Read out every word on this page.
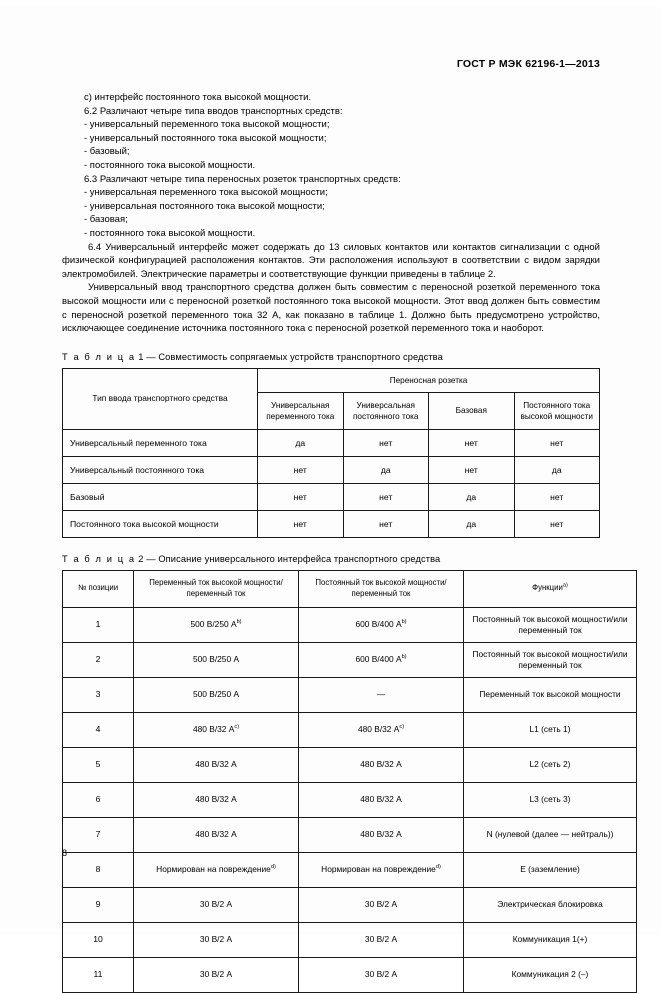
ГОСТ Р МЭК 62196-1—2013

с) интерфейс постоянного тока высокой мощности.

6.2 Различают четыре типа вводов транспортных средств:

- универсальный переменного тока высокой мощности;

- универсальный постоянного тока высокой мощности;

- базовый;

- постоянного тока высокой мощности.

6.3 Различают четыре типа переносных розеток транспортных средств:

- универсальная переменного тока высокой мощности;

- универсальная постоянного тока высокой мощности;

- базовая;

- постоянного тока высокой мощности.

6.4 Универсальный интерфейс может содержать до 13 силовых контактов или контактов сигнализации с одной физической конфигурацией расположения контактов. Эти расположения используют в соответствии с видом зарядки электромобилей. Электрические параметры и соответствующие функции приведены в таблице 2.

Универсальный ввод транспортного средства должен быть совместим с переносной розеткой переменного тока высокой мощности или с переносной розеткой постоянного тока высокой мощности. Этот ввод должен быть совместим с переносной розеткой переменного тока 32 А, как показано в таблице 1. Должно быть предусмотрено устройство, исключающее соединение источника постоянного тока с переносной розеткой переменного тока и наоборот.

Т а б л и ц а 1 — Совместимость сопрягаемых устройств транспортного средства
Тип ввода транспортного средства	Переносная розетка			
	Универсальная переменного тока	Универсальная постоянного тока	Базовая	Постоянного тока высокой мощности
Универсальный переменного тока	да	нет	нет	нет
Универсальный постоянного тока	нет	да	нет	да
Базовый	нет	нет	да	нет
Постоянного тока высокой мощности	нет	нет	да	нет
Т а б л и ц а 2 — Описание универсального интерфейса транспортного средства
№ позиции	Переменный ток высокой мощности/переменный ток	Постоянный ток высокой мощности/переменный ток	Функции$^{a)}$
1	500 В/250 $А^{b)}$	600 В/400 $А^{b)}$	Постоянный ток высокой мощности/или переменный ток
2	500 В/250 А	600 В/400 $А^{b)}$	Постоянный ток высокой мощности/или переменный ток
3	500 В/250 А	—	Переменный ток высокой мощности
4	480 В/32 $А^{c)}$	480 В/32 $А^{c)}$	L1 (сеть 1)
5	480 В/32 А	480 В/32 А	L2 (сеть 2)
6	480 В/32 А	480 В/32 А	L3 (сеть 3)
7	480 В/32 А	480 В/32 А	N (нулевой (далее — нейтраль))
8	Нормирован на повреждение$^{d)}$	Нормирован на повреждение$^{d)}$	E (заземление)
9	30 В/2 А	30 В/2 А	Электрическая блокировка
10	30 В/2 А	30 В/2 А	Коммуникация 1(+)
11	30 В/2 А	30 В/2 А	Коммуникация 2 (–)
8
